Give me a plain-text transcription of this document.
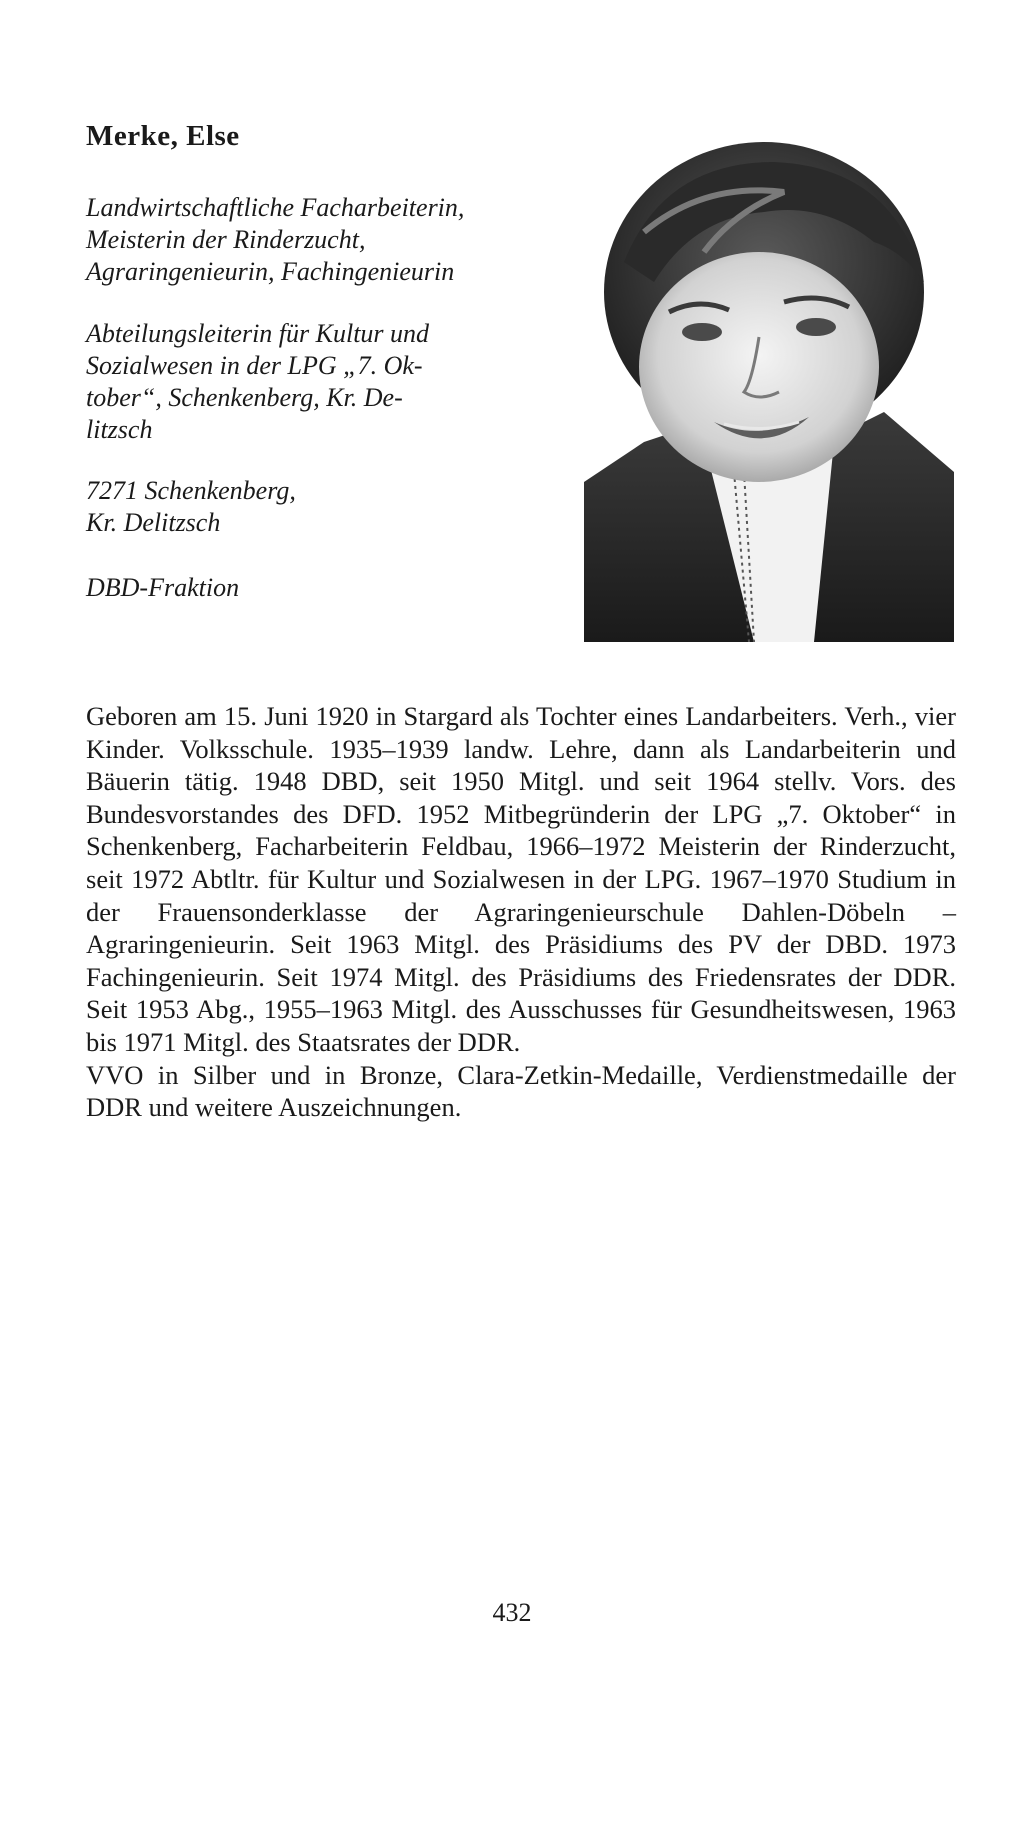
Merke, Else
Landwirtschaftliche Facharbeiterin,
Meisterin der Rinderzucht,
Agraringenieurin, Fachingenieurin
Abteilungsleiterin für Kultur und
Sozialwesen in der LPG „7. Ok-
tober“, Schenkenberg, Kr. De-
litzsch
7271 Schenkenberg,
Kr. Delitzsch
DBD-Fraktion

Geboren am 15. Juni 1920 in Stargard als Tochter eines Landarbeiters. Verh., vier Kinder. Volksschule. 1935–1939 landw. Lehre, dann als Landarbeiterin und Bäuerin tätig. 1948 DBD, seit 1950 Mitgl. und seit 1964 stellv. Vors. des Bundesvorstandes des DFD. 1952 Mitbegründerin der LPG „7. Oktober“ in Schenkenberg, Facharbeiterin Feldbau, 1966–1972 Meisterin der Rinderzucht, seit 1972 Abtltr. für Kultur und Sozialwesen in der LPG. 1967–1970 Studium in der Frauensonderklasse der Agraringenieurschule Dahlen-Döbeln – Agraringenieurin. Seit 1963 Mitgl. des Präsidiums des PV der DBD. 1973 Fachingenieurin. Seit 1974 Mitgl. des Präsidiums des Friedensrates der DDR. Seit 1953 Abg., 1955–1963 Mitgl. des Ausschusses für Gesundheitswesen, 1963 bis 1971 Mitgl. des Staatsrates der DDR.

VVO in Silber und in Bronze, Clara-Zetkin-Medaille, Verdienstmedaille der DDR und weitere Auszeichnungen.

432
